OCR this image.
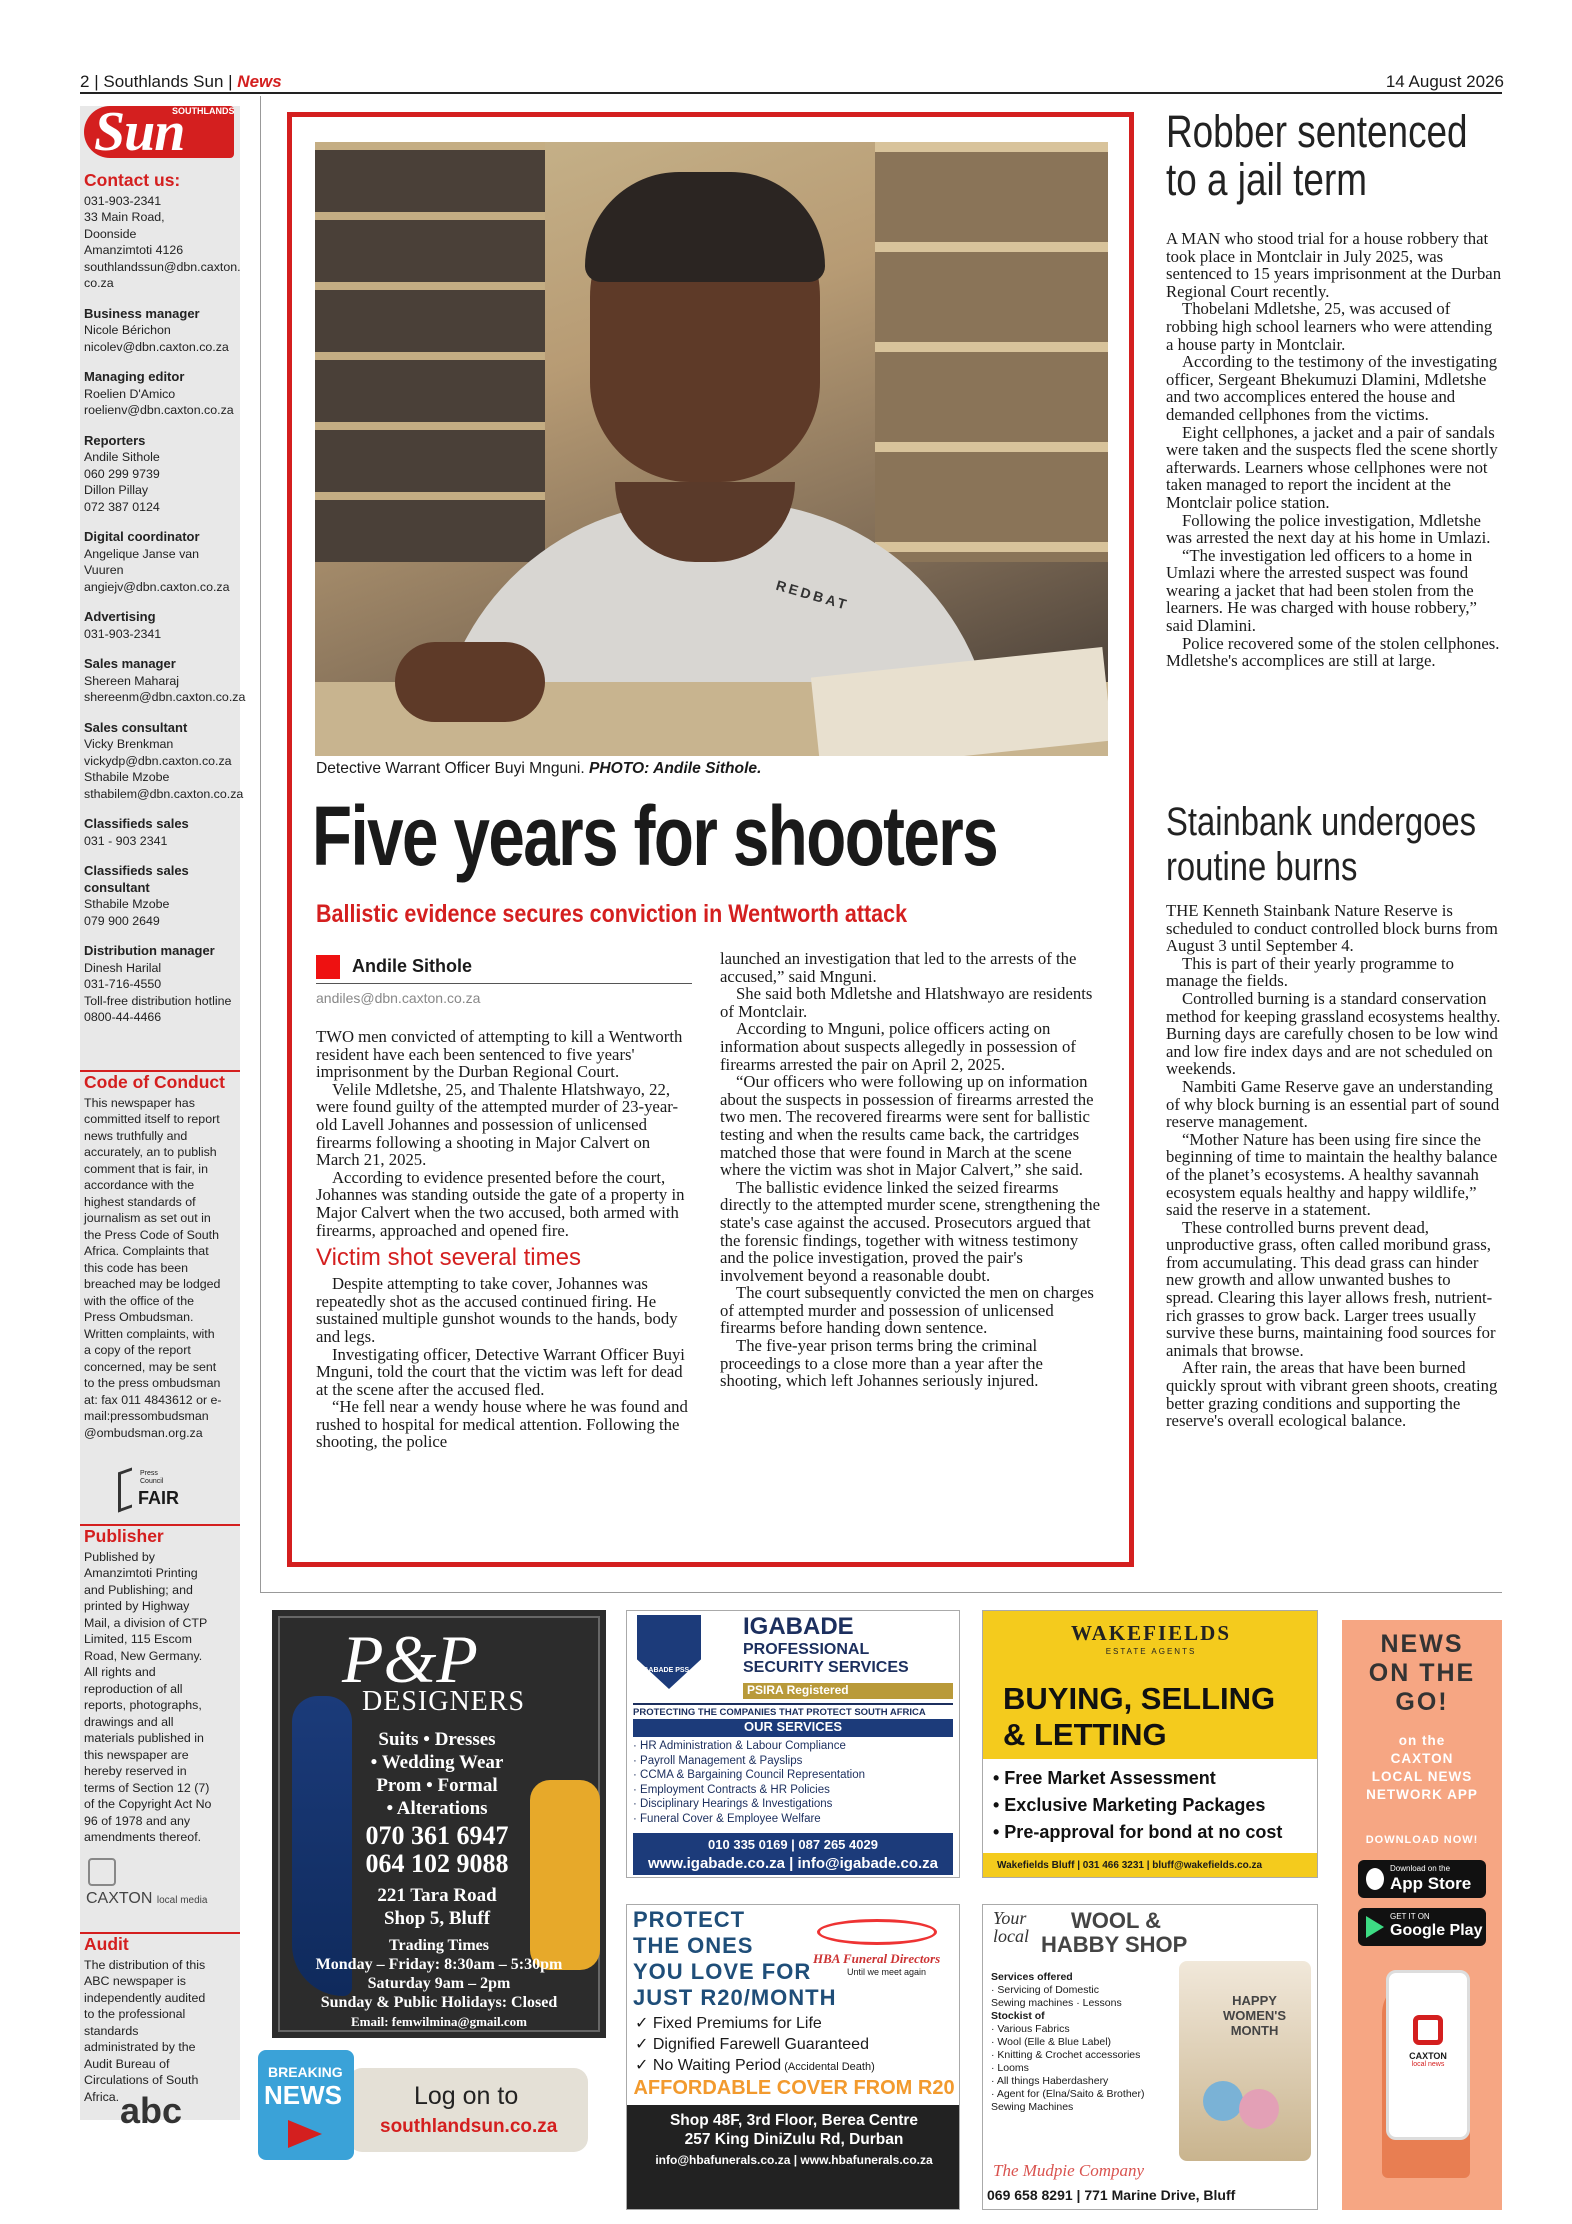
2 | Southlands Sun | News	14 August 2026
SOUTHLANDS
Sun
Contact us:
031-903-2341
33 Main Road,
Doonside
Amanzimtoti 4126
southlandssun@dbn.caxton.
co.za
Business manager
Nicole Bérichon
nicolev@dbn.caxton.co.za
Managing editor
Roelien D'Amico
roelienv@dbn.caxton.co.za
Reporters
Andile Sithole
060 299 9739
Dillon Pillay
072 387 0124
Digital coordinator
Angelique Janse van Vuuren
angiejv@dbn.caxton.co.za
Advertising
031-903-2341
Sales manager
Shereen Maharaj
shereenm@dbn.caxton.co.za
Sales consultant
Vicky Brenkman
vickydp@dbn.caxton.co.za
Sthabile Mzobe
sthabilem@dbn.caxton.co.za
Classifieds sales
031 - 903 2341
Classifieds sales consultant
Sthabile Mzobe
079 900 2649
Distribution manager
Dinesh Harilal
031-716-4550
Toll-free distribution hotline
0800-44-4466
Code of Conduct
This newspaper has committed itself to report news truthfully and accurately, an to publish comment that is fair, in accordance with the highest standards of journalism as set out in the Press Code of South Africa. Complaints that this code has been breached may be lodged with the office of the Press Ombudsman. Written complaints, with a copy of the report concerned, may be sent to the press ombudsman at: fax 011 4843612 or e-mail:pressombudsman @ombudsman.org.za
Press
Council
FAIR
Publisher
Published by Amanzimtoti Printing and Publishing; and printed by Highway Mail, a division of CTP Limited, 115 Escom Road, New Germany. All rights and reproduction of all reports, photographs, drawings and all materials published in this newspaper are hereby reserved in terms of Section 12 (7) of the Copyright Act No 96 of 1978 and any amendments thereof.
CAXTON local media
Audit
The distribution of this ABC newspaper is independently audited to the professional standards administrated by the Audit Bureau of Circulations of South Africa. abc
REDBAT
Detective Warrant Officer Buyi Mnguni. PHOTO: Andile Sithole.
Five years for shooters
Ballistic evidence secures conviction in Wentworth attack
Andile Sithole
andiles@dbn.caxton.co.za

TWO men convicted of attempting to kill a Wentworth resident have each been sentenced to five years' imprisonment by the Durban Regional Court.

Velile Mdletshe, 25, and Thalente Hlatshwayo, 22, were found guilty of the attempted murder of 23-year-old Lavell Johannes and possession of unlicensed firearms following a shooting in Major Calvert on March 21, 2025.

According to evidence presented before the court, Johannes was standing outside the gate of a property in Major Calvert when the two accused, both armed with firearms, approached and opened fire.

Victim shot several times

Despite attempting to take cover, Johannes was repeatedly shot as the accused continued firing. He sustained multiple gunshot wounds to the hands, body and legs.

Investigating officer, Detective Warrant Officer Buyi Mnguni, told the court that the victim was left for dead at the scene after the accused fled.

“He fell near a wendy house where he was found and rushed to hospital for medical attention. Following the shooting, the police

launched an investigation that led to the arrests of the accused,” said Mnguni.

She said both Mdletshe and Hlatshwayo are residents of Montclair.

According to Mnguni, police officers acting on information about suspects allegedly in possession of firearms arrested the pair on April 2, 2025.

“Our officers who were following up on information about the suspects in possession of firearms arrested the two men. The recovered firearms were sent for ballistic testing and when the results came back, the cartridges matched those that were found in March at the scene where the victim was shot in Major Calvert,” she said.

The ballistic evidence linked the seized firearms directly to the attempted murder scene, strengthening the state's case against the accused. Prosecutors argued that the forensic findings, together with witness testimony and the police investigation, proved the pair's involvement beyond a reasonable doubt.

The court subsequently convicted the men on charges of attempted murder and possession of unlicensed firearms before handing down sentence.

The five-year prison terms bring the criminal proceedings to a close more than a year after the shooting, which left Johannes seriously injured.

Robber sentenced
to a jail term

A MAN who stood trial for a house robbery that took place in Montclair in July 2025, was sentenced to 15 years imprisonment at the Durban Regional Court recently.

Thobelani Mdletshe, 25, was accused of robbing high school learners who were attending a house party in Montclair.

According to the testimony of the investigating officer, Sergeant Bhekumuzi Dlamini, Mdletshe and two accomplices entered the house and demanded cellphones from the victims.

Eight cellphones, a jacket and a pair of sandals were taken and the suspects fled the scene shortly afterwards. Learners whose cellphones were not taken managed to report the incident at the Montclair police station.

Following the police investigation, Mdletshe was arrested the next day at his home in Umlazi.

“The investigation led officers to a home in Umlazi where the arrested suspect was found wearing a jacket that had been stolen from the learners. He was charged with house robbery,” said Dlamini.

Police recovered some of the stolen cellphones. Mdletshe's accomplices are still at large.

Stainbank undergoes
routine burns

THE Kenneth Stainbank Nature Reserve is scheduled to conduct controlled block burns from August 3 until September 4.

This is part of their yearly programme to manage the fields.

Controlled burning is a standard conservation method for keeping grassland ecosystems healthy. Burning days are carefully chosen to be low wind and low fire index days and are not scheduled on weekends.

Nambiti Game Reserve gave an understanding of why block burning is an essential part of sound reserve management.

“Mother Nature has been using fire since the beginning of time to maintain the healthy balance of the planet’s ecosystems. A healthy savannah ecosystem equals healthy and happy wildlife,” said the reserve in a statement.

These controlled burns prevent dead, unproductive grass, often called moribund grass, from accumulating. This dead grass can hinder new growth and allow unwanted bushes to spread. Clearing this layer allows fresh, nutrient-rich grasses to grow back. Larger trees usually survive these burns, maintaining food sources for animals that browse.

After rain, the areas that have been burned quickly sprout with vibrant green shoots, creating better grazing conditions and supporting the reserve's overall ecological balance.

P&P
DESIGNERS
Suits • Dresses
• Wedding Wear
Prom • Formal
• Alterations
070 361 6947
064 102 9088
221 Tara Road
Shop 5, Bluff
Trading Times
Monday – Friday: 8:30am – 5:30pm
Saturday 9am – 2pm
Sunday & Public Holidays: Closed
Email: femwilmina@gmail.com
IGABADE PSS
IGABADE
PROFESSIONAL
SECURITY SERVICES
PSIRA Registered
PROTECTING THE COMPANIES THAT PROTECT SOUTH AFRICA
OUR SERVICES
· HR Administration & Labour Compliance
· Payroll Management & Payslips
· CCMA & Bargaining Council Representation
· Employment Contracts & HR Policies
· Disciplinary Hearings & Investigations
· Funeral Cover & Employee Welfare
010 335 0169 | 087 265 4029
www.igabade.co.za | info@igabade.co.za
WAKEFIELDS
ESTATE AGENTS
BUYING, SELLING
& LETTING
• Free Market Assessment
• Exclusive Marketing Packages
• Pre-approval for bond at no cost
Wakefields Bluff | 031 466 3231 | bluff@wakefields.co.za
NEWS
ON THE
GO!
on the
CAXTON
LOCAL NEWS
NETWORK APP
DOWNLOAD NOW!
Download on the
App Store
GET IT ON
Google Play
CAXTON
local news
PROTECT
THE ONES
YOU LOVE FOR
JUST R20/MONTH
HBA Funeral Directors
Until we meet again
✓ Fixed Premiums for Life
✓ Dignified Farewell Guaranteed
✓ No Waiting Period (Accidental Death)
AFFORDABLE COVER FROM R20
Shop 48F, 3rd Floor, Berea Centre
257 King DiniZulu Rd, Durban
info@hbafunerals.co.za | www.hbafunerals.co.za
Your
local
WOOL &
HABBY SHOP
Services offered
· Servicing of Domestic
Sewing machines · Lessons
Stockist of
· Various Fabrics
· Wool (Elle & Blue Label)
· Knitting & Crochet accessories
· Looms
· All things Haberdashery
· Agent for (Elna/Saito & Brother)
Sewing Machines
HAPPY
WOMEN'S
MONTH
The Mudpie Company
069 658 8291 | 771 Marine Drive, Bluff
BREAKING
NEWS	Log on to
southlandsun.co.za
